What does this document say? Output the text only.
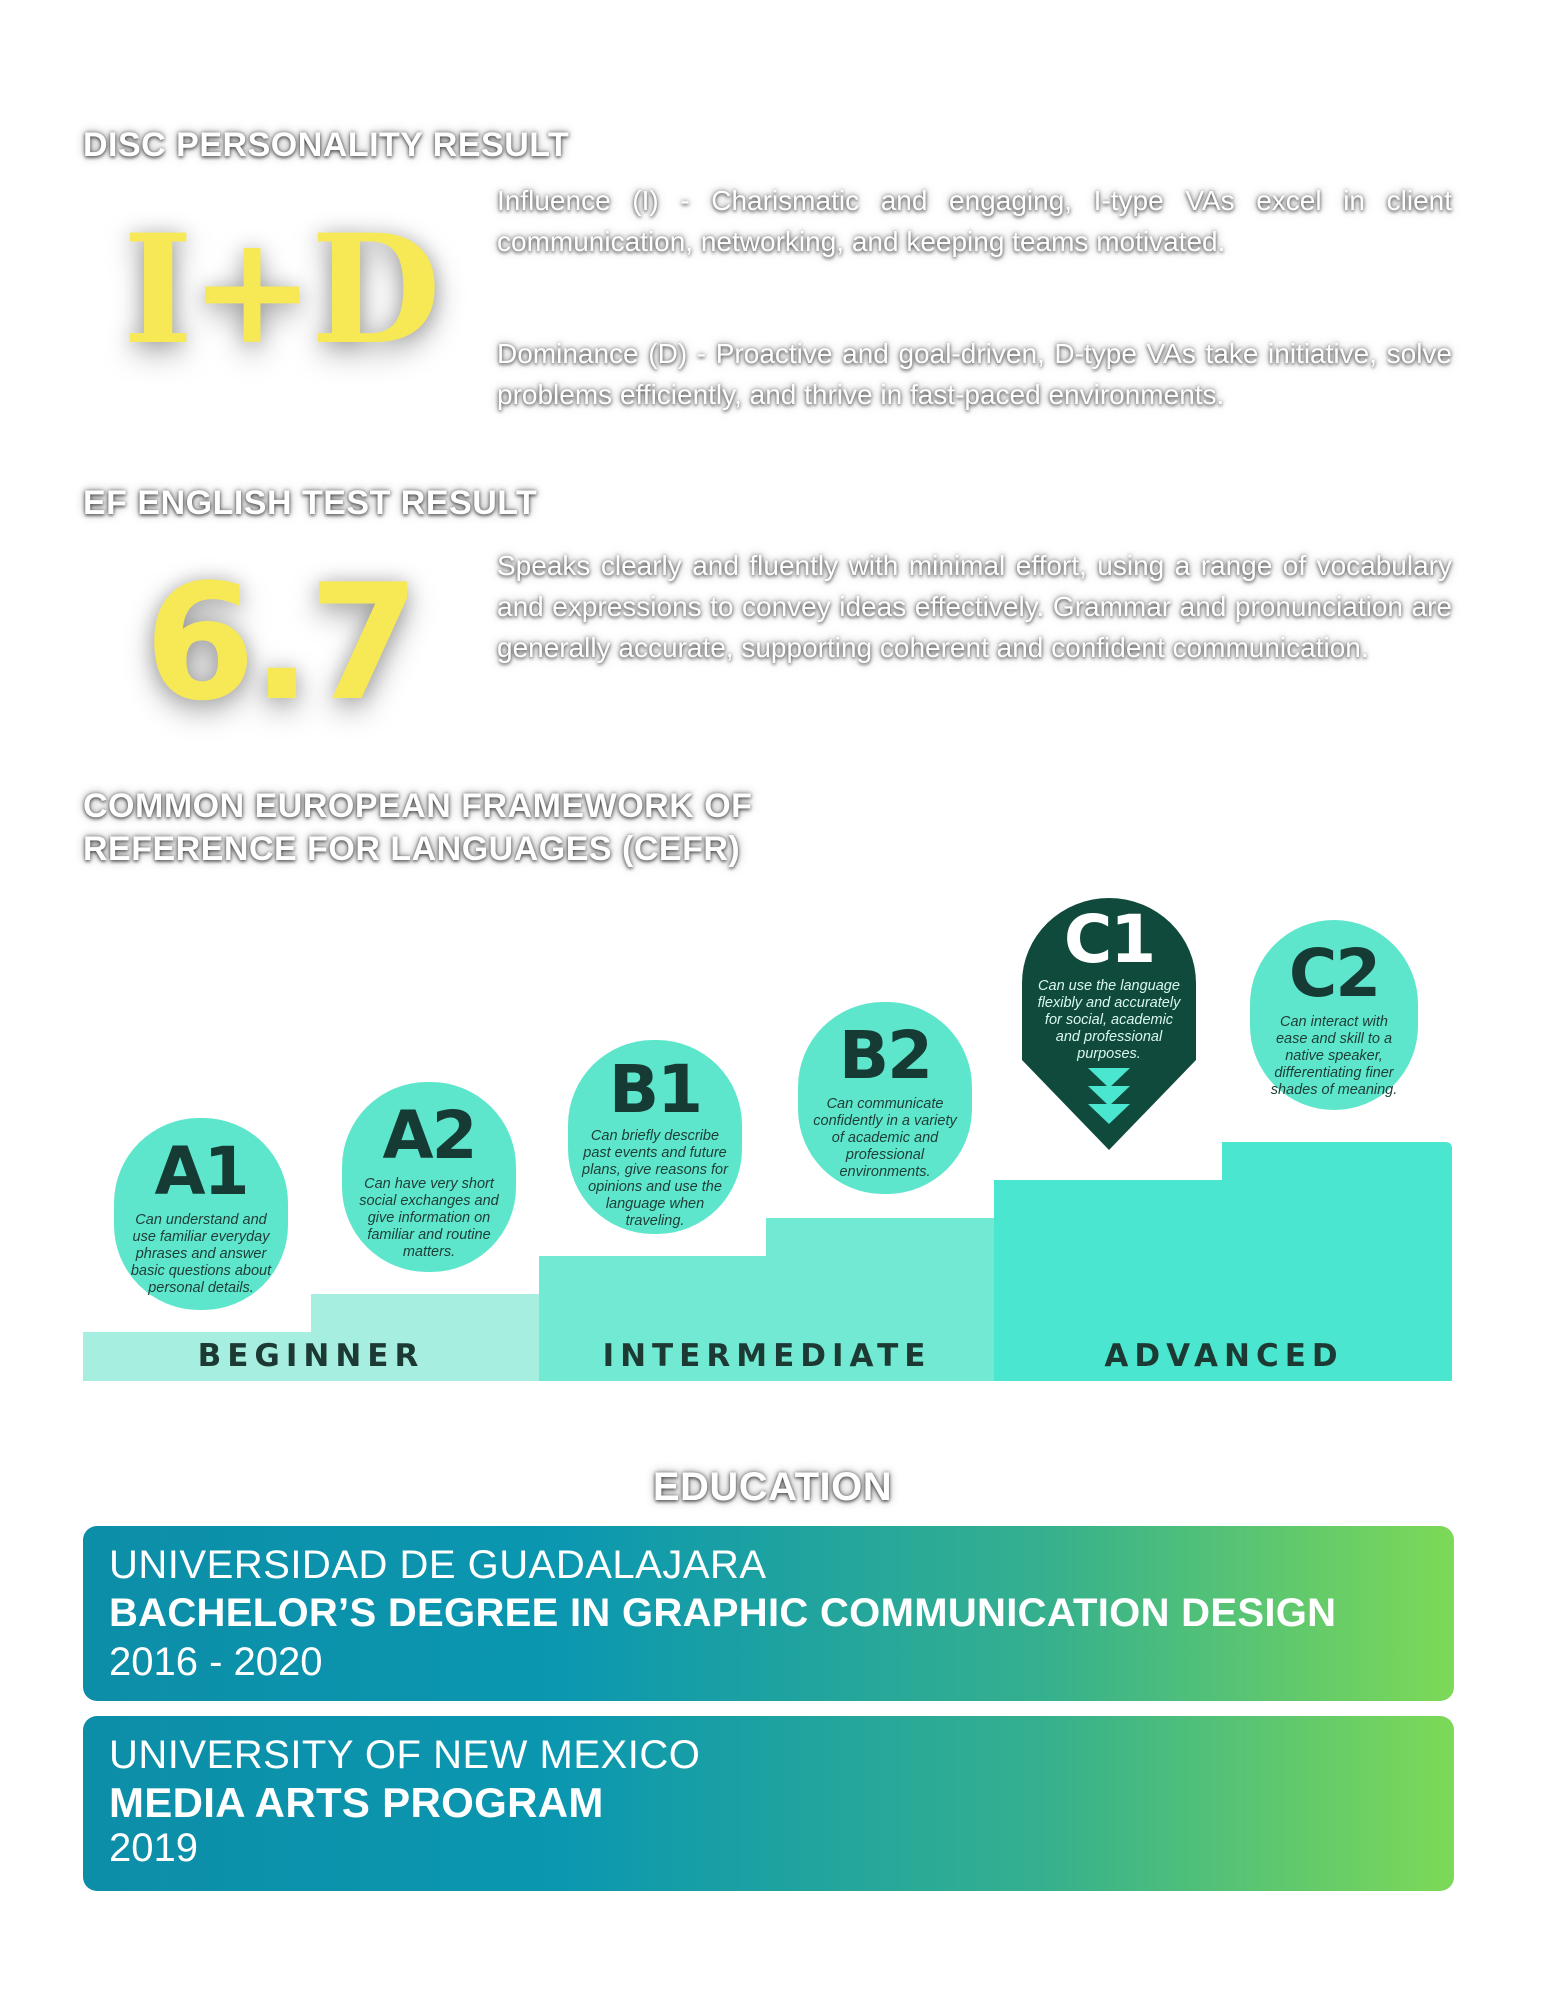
DISC PERSONALITY RESULT
I+D
Influence (I) - Charismatic and engaging, I-type VAs excel in client communication, networking, and keeping teams motivated.
Dominance (D) - Proactive and goal-driven, D-type VAs take initiative, solve problems efficiently, and thrive in fast-paced environments.
EF ENGLISH TEST RESULT
6.7	Speaks clearly and fluently with minimal effort, using a range of vocabulary and expressions to convey ideas effectively. Grammar and pronunciation are generally accurate, supporting coherent and confident communication.
COMMON EUROPEAN FRAMEWORK OF
REFERENCE FOR LANGUAGES (CEFR)
BEGINNER	INTERMEDIATE	ADVANCED
A1
Can understand and use familiar everyday phrases and answer basic questions about personal details.
A2
Can have very short social exchanges and give information on familiar and routine matters.
B1
Can briefly describe past events and future plans, give reasons for opinions and use the language when traveling.
B2
Can communicate confidently in a variety of academic and professional environments.
C1
Can use the language flexibly and accurately for social, academic and professional purposes.
C2
Can interact with ease and skill to a native speaker, differentiating finer shades of meaning.
EDUCATION
UNIVERSIDAD DE GUADALAJARA
BACHELOR’S DEGREE IN GRAPHIC COMMUNICATION DESIGN
2016 - 2020
UNIVERSITY OF NEW MEXICO
MEDIA ARTS PROGRAM
2019
